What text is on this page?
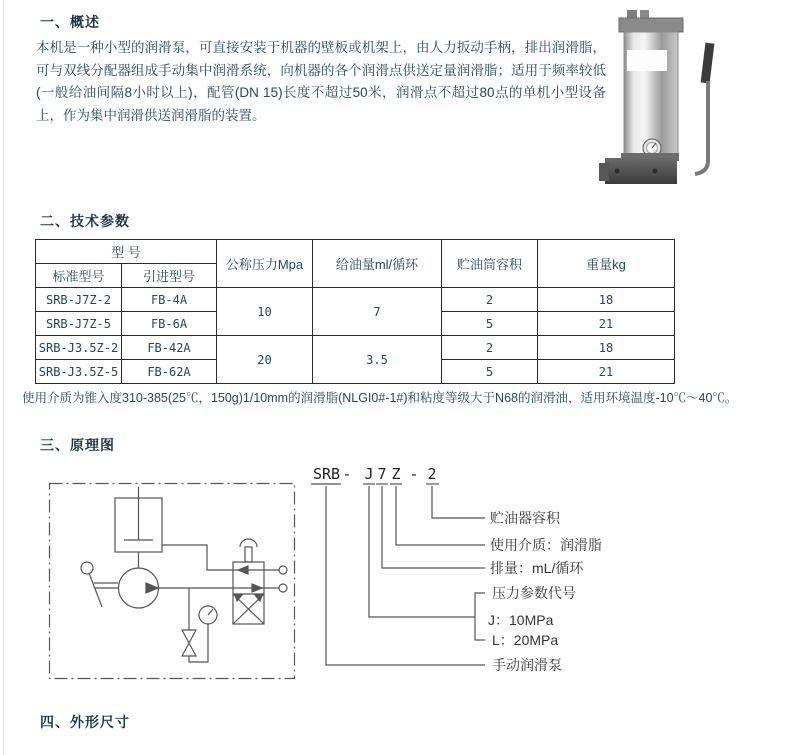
一、概述
本机是一种小型的润滑泵，可直接安装于机器的壁板或机架上，由人力扳动手柄，排出润滑脂，可与双线分配器组成手动集中润滑系统，向机器的各个润滑点供送定量润滑脂；适用于频率较低(一般给油间隔8小时以上)，配管(DN 15)长度不超过50米，润滑点不超过80点的单机小型设备上，作为集中润滑供送润滑脂的装置。
二、技术参数
型 号		公称压力Mpa	给油量ml/循环	贮油筒容积	重量kg
标准型号	引进型号				
SRB-J7Z-2	FB-4A	10	7	2	18
SRB-J7Z-5	FB-6A			5	21
SRB-J3.5Z-2	FB-42A	20	3.5	2	18
SRB-J3.5Z-5	FB-62A			5	21
使用介质为锥入度310-385(25℃，150g)1/10mm的润滑脂(NLGI0#-1#)和粘度等级大于N68的润滑油，适用环境温度-10℃～40℃。
三、原理图
SRB - J 7 Z - 2
贮油器容积
使用介质：润滑脂
排量：mL/循环
压力参数代号
J：10MPa
L：20MPa
手动润滑泵
四、外形尺寸
